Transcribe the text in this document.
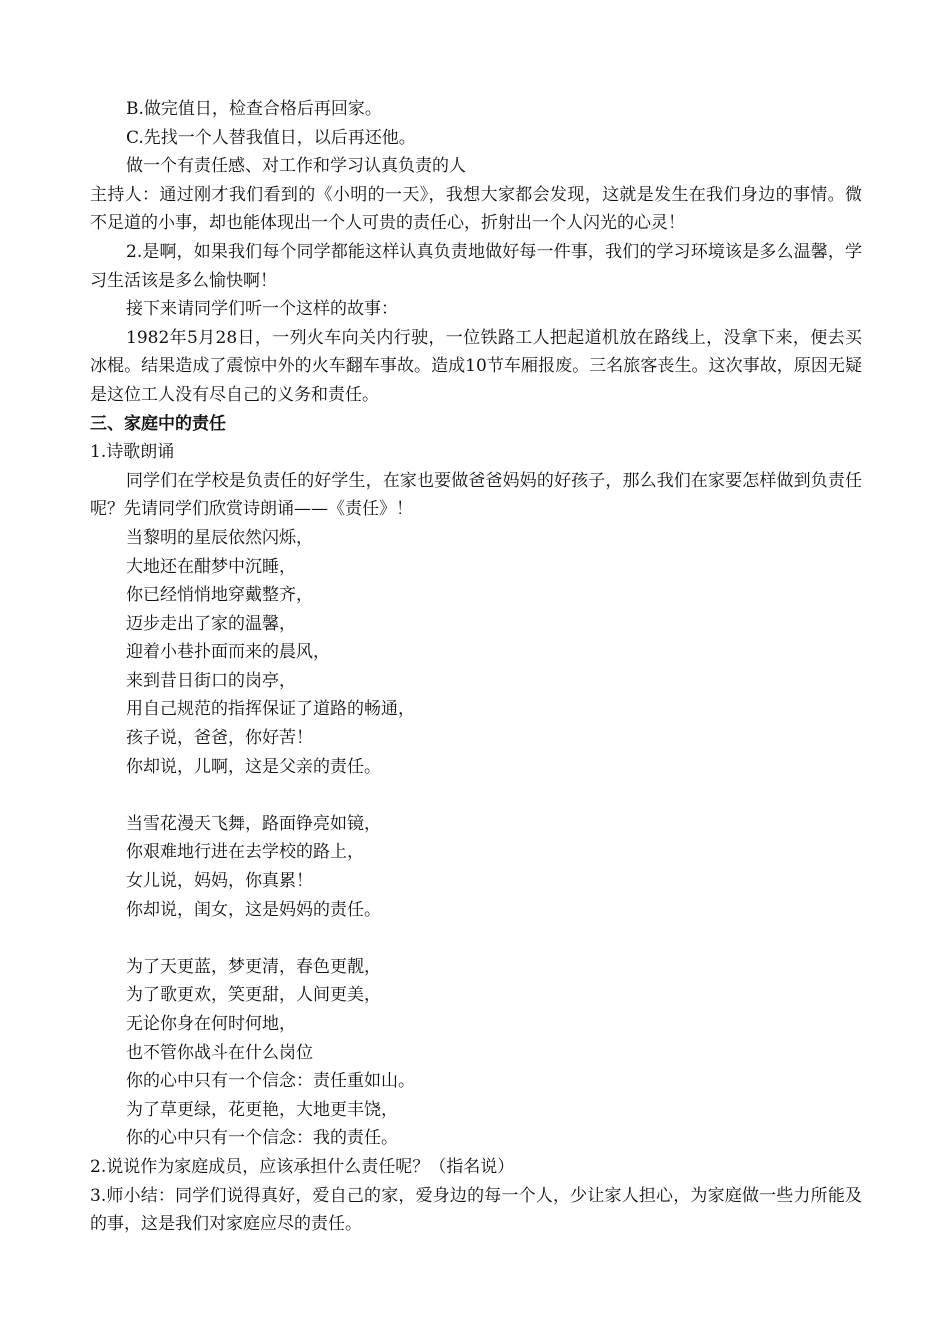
B.做完值日，检查合格后再回家。

C.先找一个人替我值日，以后再还他。

做一个有责任感、对工作和学习认真负责的人

主持人：通过刚才我们看到的《小明的一天》，我想大家都会发现，这就是发生在我们身边的事情。微不足道的小事，却也能体现出一个人可贵的责任心，折射出一个人闪光的心灵！

2.是啊，如果我们每个同学都能这样认真负责地做好每一件事，我们的学习环境该是多么温馨，学习生活该是多么愉快啊！

接下来请同学们听一个这样的故事：

1982年5月28日，一列火车向关内行驶，一位铁路工人把起道机放在路线上，没拿下来，便去买冰棍。结果造成了震惊中外的火车翻车事故。造成10节车厢报废。三名旅客丧生。这次事故，原因无疑是这位工人没有尽自己的义务和责任。

三、家庭中的责任

1.诗歌朗诵

同学们在学校是负责任的好学生，在家也要做爸爸妈妈的好孩子，那么我们在家要怎样做到负责任呢？先请同学们欣赏诗朗诵——《责任》！

当黎明的星辰依然闪烁，

大地还在酣梦中沉睡，

你已经悄悄地穿戴整齐，

迈步走出了家的温馨，

迎着小巷扑面而来的晨风，

来到昔日街口的岗亭，

用自己规范的指挥保证了道路的畅通，

孩子说，爸爸，你好苦！

你却说，儿啊，这是父亲的责任。

当雪花漫天飞舞，路面铮亮如镜，

你艰难地行进在去学校的路上，

女儿说，妈妈，你真累！

你却说，闺女，这是妈妈的责任。

为了天更蓝，梦更清，春色更靓，

为了歌更欢，笑更甜，人间更美，

无论你身在何时何地，

也不管你战斗在什么岗位

你的心中只有一个信念：责任重如山。

为了草更绿，花更艳，大地更丰饶，

你的心中只有一个信念：我的责任。

2.说说作为家庭成员，应该承担什么责任呢？（指名说）

3.师小结：同学们说得真好，爱自己的家，爱身边的每一个人，少让家人担心，为家庭做一些力所能及的事，这是我们对家庭应尽的责任。
